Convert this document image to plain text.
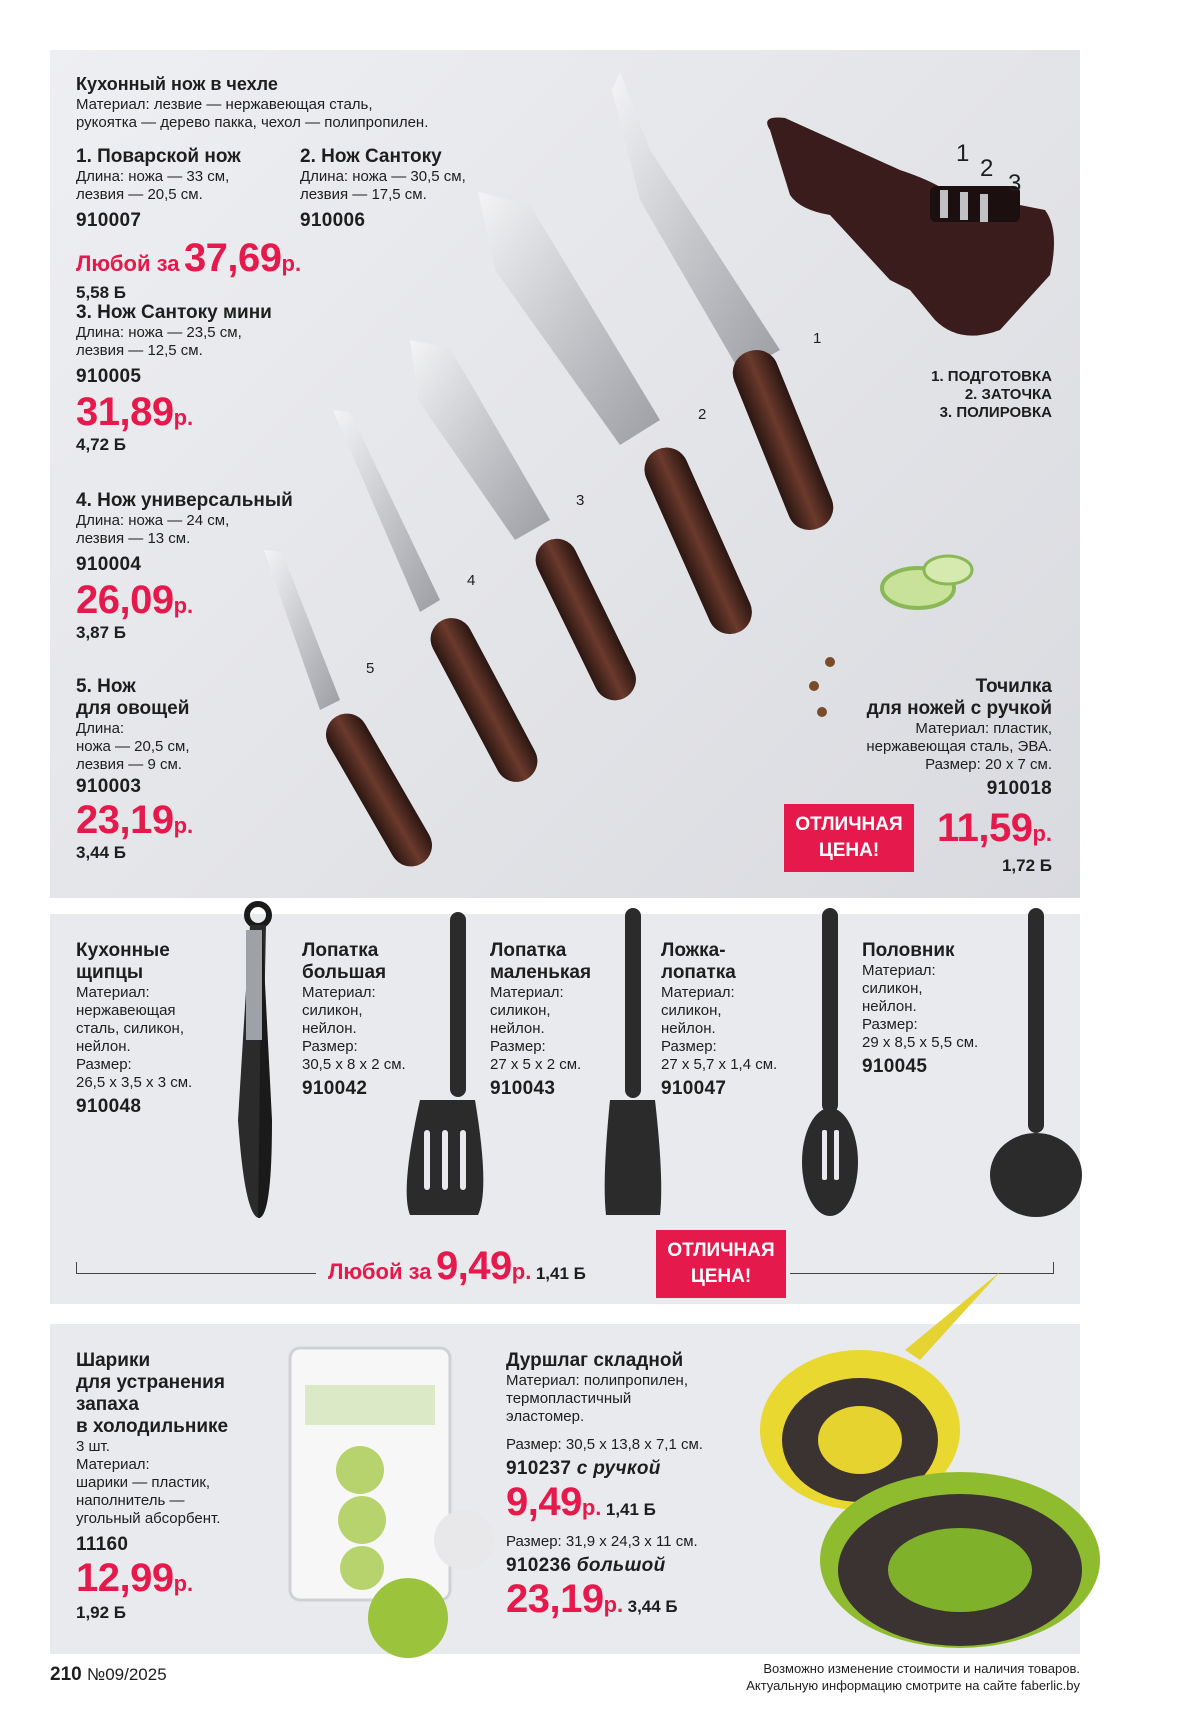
Кухонный нож в чехле
Материал: лезвие — нержавеющая сталь,
рукоятка — дерево пакка, чехол — полипропилен.
1. Поварской нож
Длина: ножа — 33 см,
лезвия — 20,5 см.
910007
2. Нож Сантоку
Длина: ножа — 30,5 см,
лезвия — 17,5 см.
910006
Любой за 37,69р.
5,58 Б
3. Нож Сантоку мини
Длина: ножа — 23,5 см,
лезвия — 12,5 см.
910005
31,89р.
4,72 Б
4. Нож универсальный
Длина: ножа — 24 см,
лезвия — 13 см.
910004
26,09р.
3,87 Б
5. Нож
для овощей
Длина:
ножа — 20,5 см,
лезвия — 9 см.
910003
23,19р.
3,44 Б
1
2
3
4
5
1
2
3
1. ПОДГОТОВКА
2. ЗАТОЧКА
3. ПОЛИРОВКА
Точилка
для ножей с ручкой
Материал: пластик,
нержавеющая сталь, ЭВА.
Размер: 20 х 7 см.
910018
ОТЛИЧНАЯ
ЦЕНА!
11,59р.
1,72 Б
Кухонные
щипцы
Материал:
нержавеющая
сталь, силикон,
нейлон.
Размер:
26,5 х 3,5 х 3 см.
910048
Лопатка
большая
Материал:
силикон,
нейлон.
Размер:
30,5 х 8 х 2 см.
910042
Лопатка
маленькая
Материал:
силикон,
нейлон.
Размер:
27 х 5 х 2 см.
910043
Ложка-
лопатка
Материал:
силикон,
нейлон.
Размер:
27 х 5,7 х 1,4 см.
910047
Половник
Материал:
силикон,
нейлон.
Размер:
29 х 8,5 х 5,5 см.
910045
Любой за 9,49р. 1,41 Б
ОТЛИЧНАЯ
ЦЕНА!
Шарики
для устранения
запаха
в холодильнике
3 шт.
Материал:
шарики — пластик,
наполнитель —
угольный абсорбент.
11160
12,99р.
1,92 Б
Дуршлаг складной
Материал: полипропилен,
термопластичный
эластомер.
Размер: 30,5 х 13,8 х 7,1 см.
910237 с ручкой
9,49р. 1,41 Б
Размер: 31,9 х 24,3 х 11 см.
910236 большой
23,19р. 3,44 Б
210 №09/2025	Возможно изменение стоимости и наличия товаров.
Актуальную информацию смотрите на сайте faberlic.by
